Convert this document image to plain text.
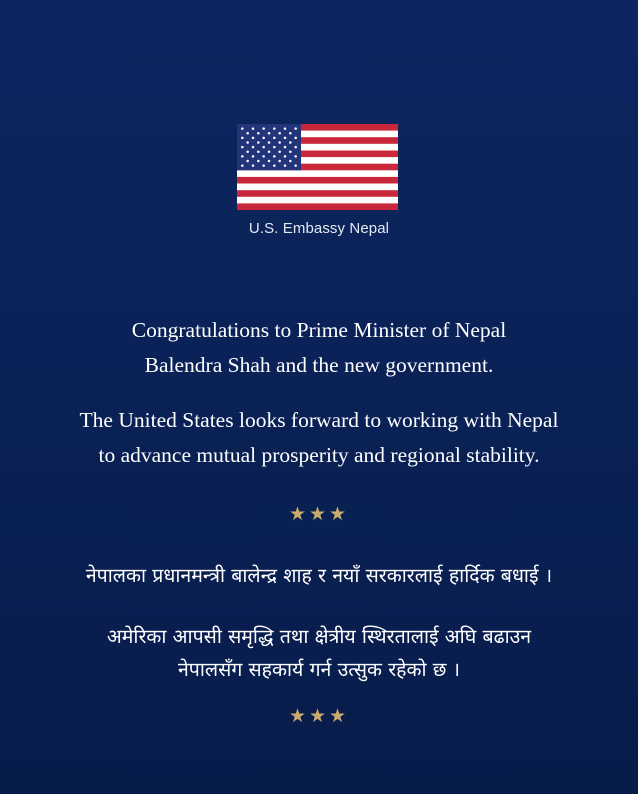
U.S. Embassy Nepal
Congratulations to Prime Minister of Nepal
Balendra Shah and the new government.
The United States looks forward to working with Nepal
to advance mutual prosperity and regional stability.
★★★
नेपालका प्रधानमन्त्री बालेन्द्र शाह र नयाँ सरकारलाई हार्दिक बधाई ।
अमेरिका आपसी समृद्धि तथा क्षेत्रीय स्थिरतालाई अघि बढाउन
नेपालसँग सहकार्य गर्न उत्सुक रहेको छ ।
★★★
